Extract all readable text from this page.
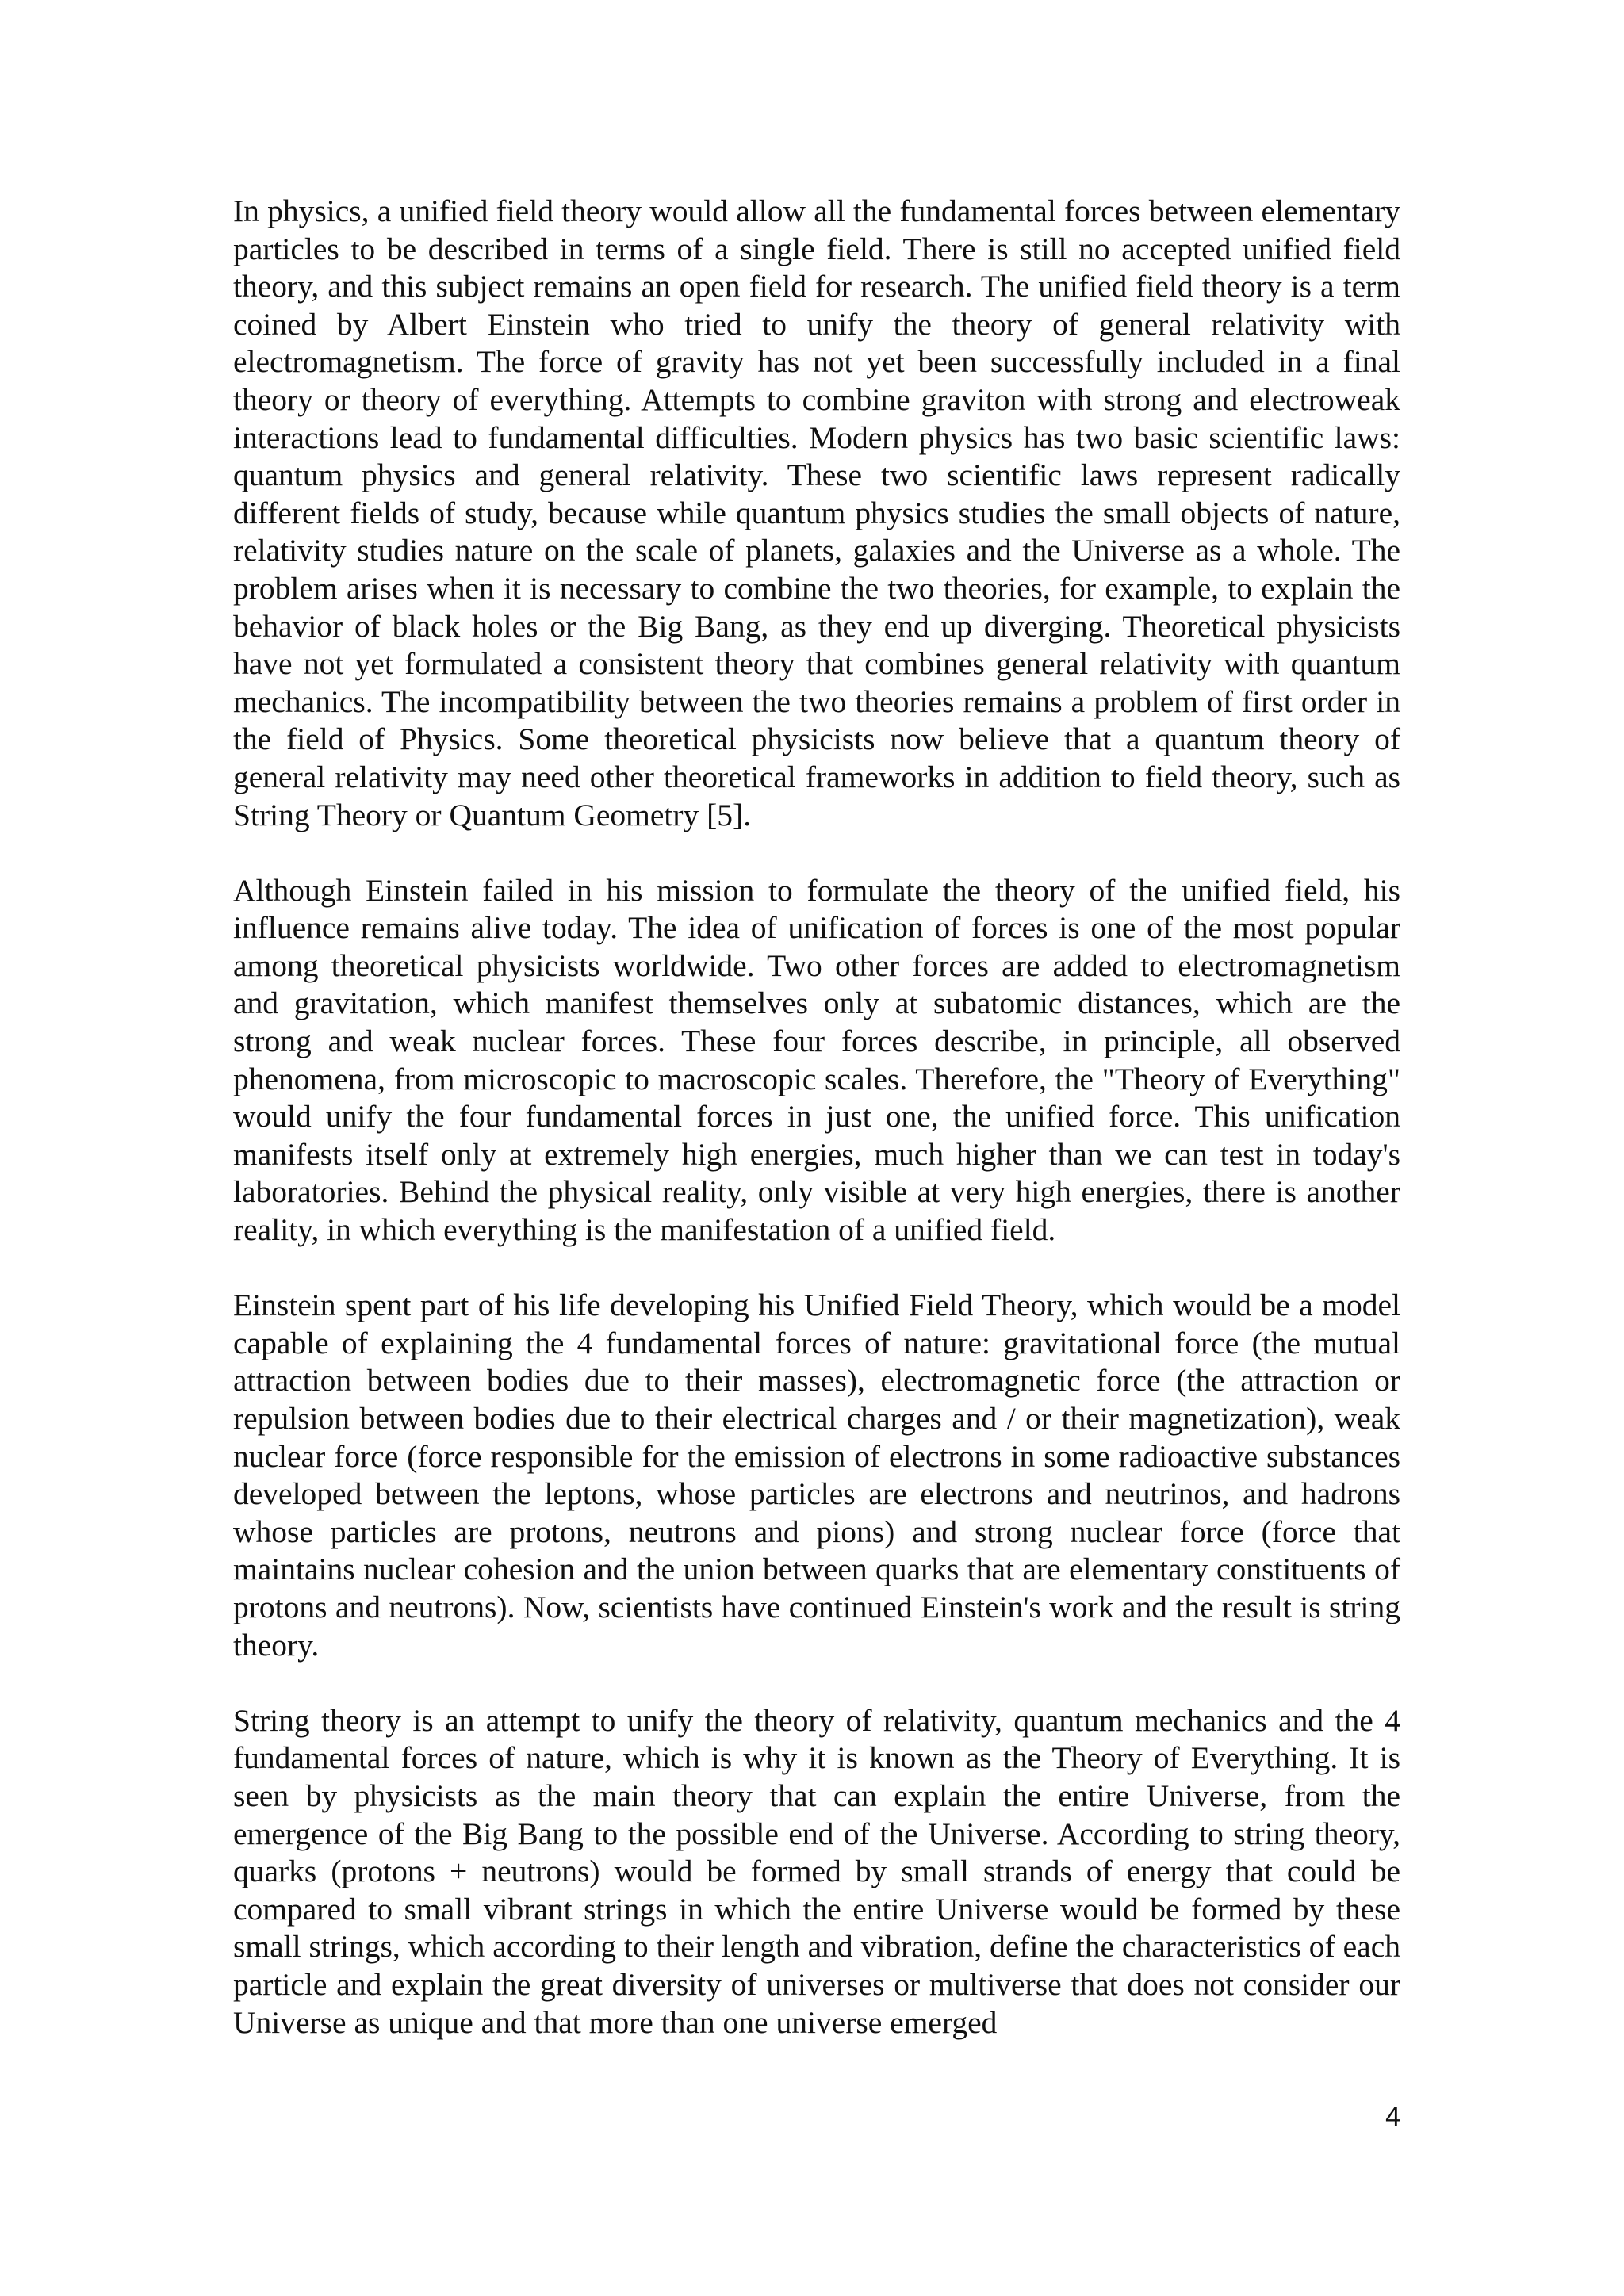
In physics, a unified field theory would allow all the fundamental forces between elementary particles to be described in terms of a single field. There is still no accepted unified field theory, and this subject remains an open field for research. The unified field theory is a term coined by Albert Einstein who tried to unify the theory of general relativity with electromagnetism. The force of gravity has not yet been successfully included in a final theory or theory of everything. Attempts to combine graviton with strong and electroweak interactions lead to fundamental difficulties. Modern physics has two basic scientific laws: quantum physics and general relativity. These two scientific laws represent radically different fields of study, because while quantum physics studies the small objects of nature, relativity studies nature on the scale of planets, galaxies and the Universe as a whole. The problem arises when it is necessary to combine the two theories, for example, to explain the behavior of black holes or the Big Bang, as they end up diverging. Theoretical physicists have not yet formulated a consistent theory that combines general relativity with quantum mechanics. The incompatibility between the two theories remains a problem of first order in the field of Physics. Some theoretical physicists now believe that a quantum theory of general relativity may need other theoretical frameworks in addition to field theory, such as String Theory or Quantum Geometry [5].

Although Einstein failed in his mission to formulate the theory of the unified field, his influence remains alive today. The idea of unification of forces is one of the most popular among theoretical physicists worldwide. Two other forces are added to electromagnetism and gravitation, which manifest themselves only at subatomic distances, which are the strong and weak nuclear forces. These four forces describe, in principle, all observed phenomena, from microscopic to macroscopic scales. Therefore, the "Theory of Everything" would unify the four fundamental forces in just one, the unified force. This unification manifests itself only at extremely high energies, much higher than we can test in today's laboratories. Behind the physical reality, only visible at very high energies, there is another reality, in which everything is the manifestation of a unified field.

Einstein spent part of his life developing his Unified Field Theory, which would be a model capable of explaining the 4 fundamental forces of nature: gravitational force (the mutual attraction between bodies due to their masses), electromagnetic force (the attraction or repulsion between bodies due to their electrical charges and / or their magnetization), weak nuclear force (force responsible for the emission of electrons in some radioactive substances developed between the leptons, whose particles are electrons and neutrinos, and hadrons whose particles are protons, neutrons and pions) and strong nuclear force (force that maintains nuclear cohesion and the union between quarks that are elementary constituents of protons and neutrons). Now, scientists have continued Einstein's work and the result is string theory.

String theory is an attempt to unify the theory of relativity, quantum mechanics and the 4 fundamental forces of nature, which is why it is known as the Theory of Everything. It is seen by physicists as the main theory that can explain the entire Universe, from the emergence of the Big Bang to the possible end of the Universe. According to string theory, quarks (protons + neutrons) would be formed by small strands of energy that could be compared to small vibrant strings in which the entire Universe would be formed by these small strings, which according to their length and vibration, define the characteristics of each particle and explain the great diversity of universes or multiverse that does not consider our Universe as unique and that more than one universe emerged

4
